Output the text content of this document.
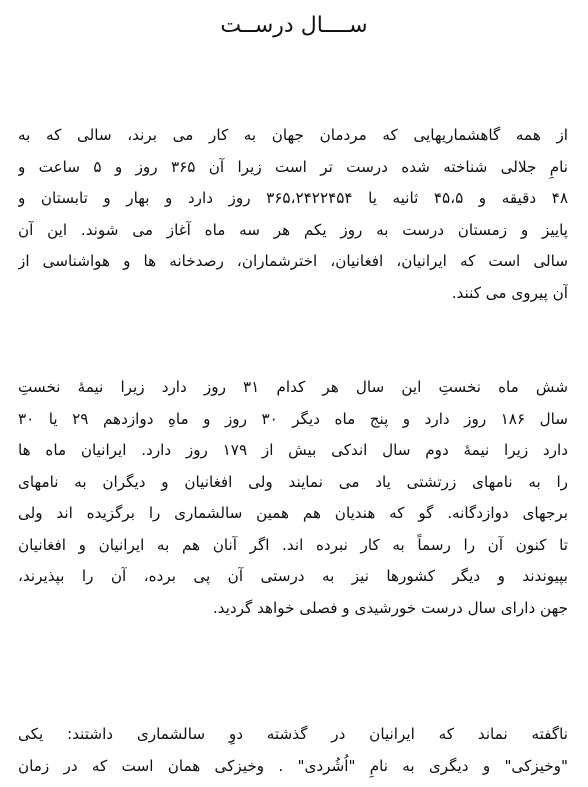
ســــال درســت

از همه گاهشماریهایی که مردمان جهان به کار می برند، سالی که به
نامِ جلالی شناخته شده درست تر است زیرا آن ۳۶۵ روز و ۵ ساعت و
۴۸ دقیقه و ۴۵،۵ ثانیه یا ۳۶۵،۲۴۲۲۴۵۴ روز دارد و بهار و تابستان و
پاییز و زمستان درست به روز یکم هر سه ماه آغاز می شوند. این آن
سالی است که ایرانیان، افغانیان، اخترشماران، رصدخانه ها و هواشناسی از
آن پیروی می کنند.

شش ماه نخستِ این سال هر کدام ۳۱ روز دارد زیرا نیمهٔ نخستِ
سال ۱۸۶ روز دارد و پنج ماه دیگر ۳۰ روز و ماهِ دوازدهم ۲۹ یا ۳۰
دارد زیرا نیمهٔ دوم سال اندکی بیش از ۱۷۹ روز دارد. ایرانیان ماه ها
را به نامهای زرتشتی یاد می نمایند ولی افغانیان و دیگران به نامهای
برجهای دوازدگانه. گو که هندیان هم همین سالشماری را برگزیده اند ولی
تا کنون آن را رسماً به کار نبرده اند. اگر آنان هم به ایرانیان و افغانیان
بپیوندند و دیگر کشورها نیز به درستی آن پی برده، آن را بپذیرند،
جهن دارای سال درست خورشیدی و فصلی خواهد گردید.

ناگفته نماند که ایرانیان در گذشته دوِ سالشماری داشتند: یکی
"وخیزکی" و دیگری به نامِ "اُشُردی" . وخیزکی همان است که در زمان
